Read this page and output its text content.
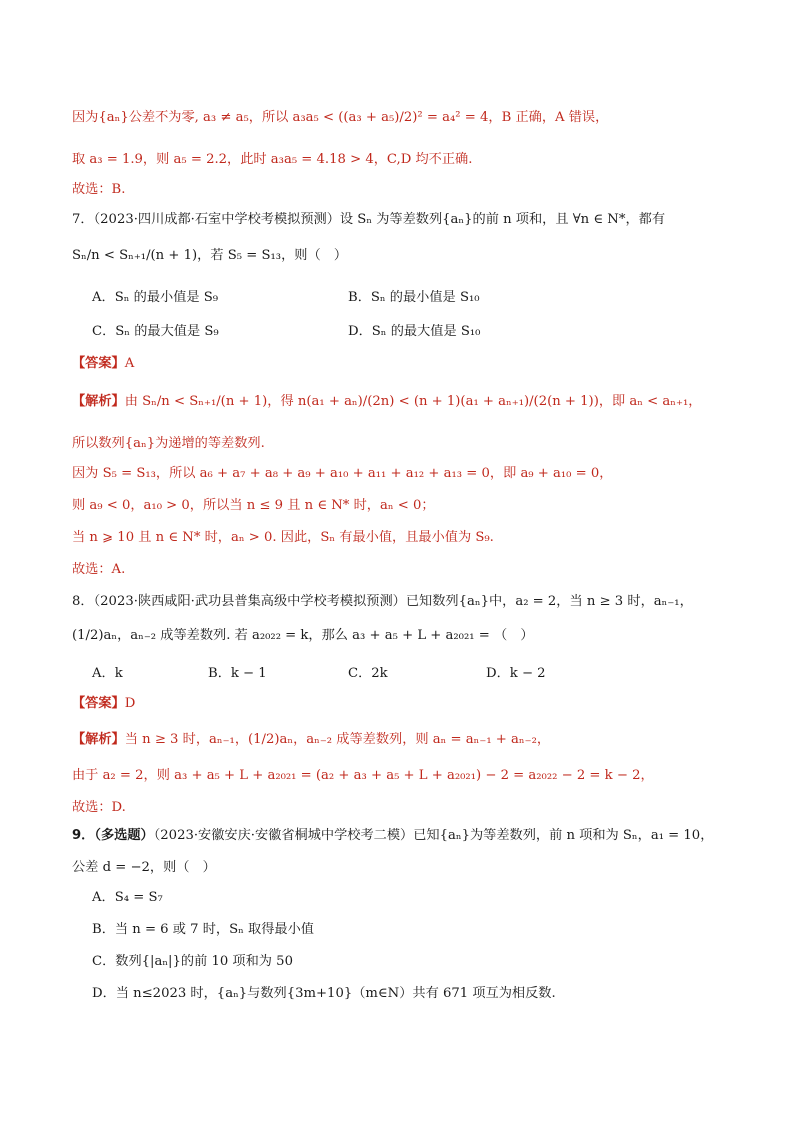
因为{aₙ}公差不为零, a₃ ≠ a₅，所以 a₃a₅ < ((a₃ + a₅)/2)² = a₄² = 4，B 正确，A 错误，
取 a₃ = 1.9，则 a₅ = 2.2，此时 a₃a₅ = 4.18 > 4，C,D 均不正确.
故选：B.
7．（2023·四川成都·石室中学校考模拟预测）设 Sₙ 为等差数列{aₙ}的前 n 项和，且 ∀n ∈ N*，都有
Sₙ/n < Sₙ₊₁/(n + 1)，若 S₅ = S₁₃，则（　）
A．Sₙ 的最小值是 S₉	B．Sₙ 的最小值是 S₁₀
C．Sₙ 的最大值是 S₉	D．Sₙ 的最大值是 S₁₀
【答案】A
【解析】由 Sₙ/n < Sₙ₊₁/(n + 1)，得 n(a₁ + aₙ)/(2n) < (n + 1)(a₁ + aₙ₊₁)/(2(n + 1))，即 aₙ < aₙ₊₁，
所以数列{aₙ}为递增的等差数列.
因为 S₅ = S₁₃，所以 a₆ + a₇ + a₈ + a₉ + a₁₀ + a₁₁ + a₁₂ + a₁₃ = 0，即 a₉ + a₁₀ = 0，
则 a₉ < 0，a₁₀ > 0，所以当 n ≤ 9 且 n ∈ N* 时，aₙ < 0；
当 n ⩾ 10 且 n ∈ N* 时，aₙ > 0. 因此，Sₙ 有最小值，且最小值为 S₉.
故选：A.
8．（2023·陕西咸阳·武功县普集高级中学校考模拟预测）已知数列{aₙ}中，a₂ = 2，当 n ≥ 3 时，aₙ₋₁，
(1/2)aₙ，aₙ₋₂ 成等差数列. 若 a₂₀₂₂ = k，那么 a₃ + a₅ + L + a₂₀₂₁ = （　）
A．k	B．k − 1	C．2k	D．k − 2
【答案】D
【解析】当 n ≥ 3 时，aₙ₋₁，(1/2)aₙ，aₙ₋₂ 成等差数列，则 aₙ = aₙ₋₁ + aₙ₋₂，
由于 a₂ = 2，则 a₃ + a₅ + L + a₂₀₂₁ = (a₂ + a₃ + a₅ + L + a₂₀₂₁) − 2 = a₂₀₂₂ − 2 = k − 2，
故选：D.
9．（多选题）（2023·安徽安庆·安徽省桐城中学校考二模）已知{aₙ}为等差数列，前 n 项和为 Sₙ，a₁ = 10，
公差 d = −2，则（　）
A．S₄ = S₇
B．当 n = 6 或 7 时，Sₙ 取得最小值
C．数列{|aₙ|}的前 10 项和为 50
D．当 n≤2023 时，{aₙ}与数列{3m+10}（m∈N）共有 671 项互为相反数.
